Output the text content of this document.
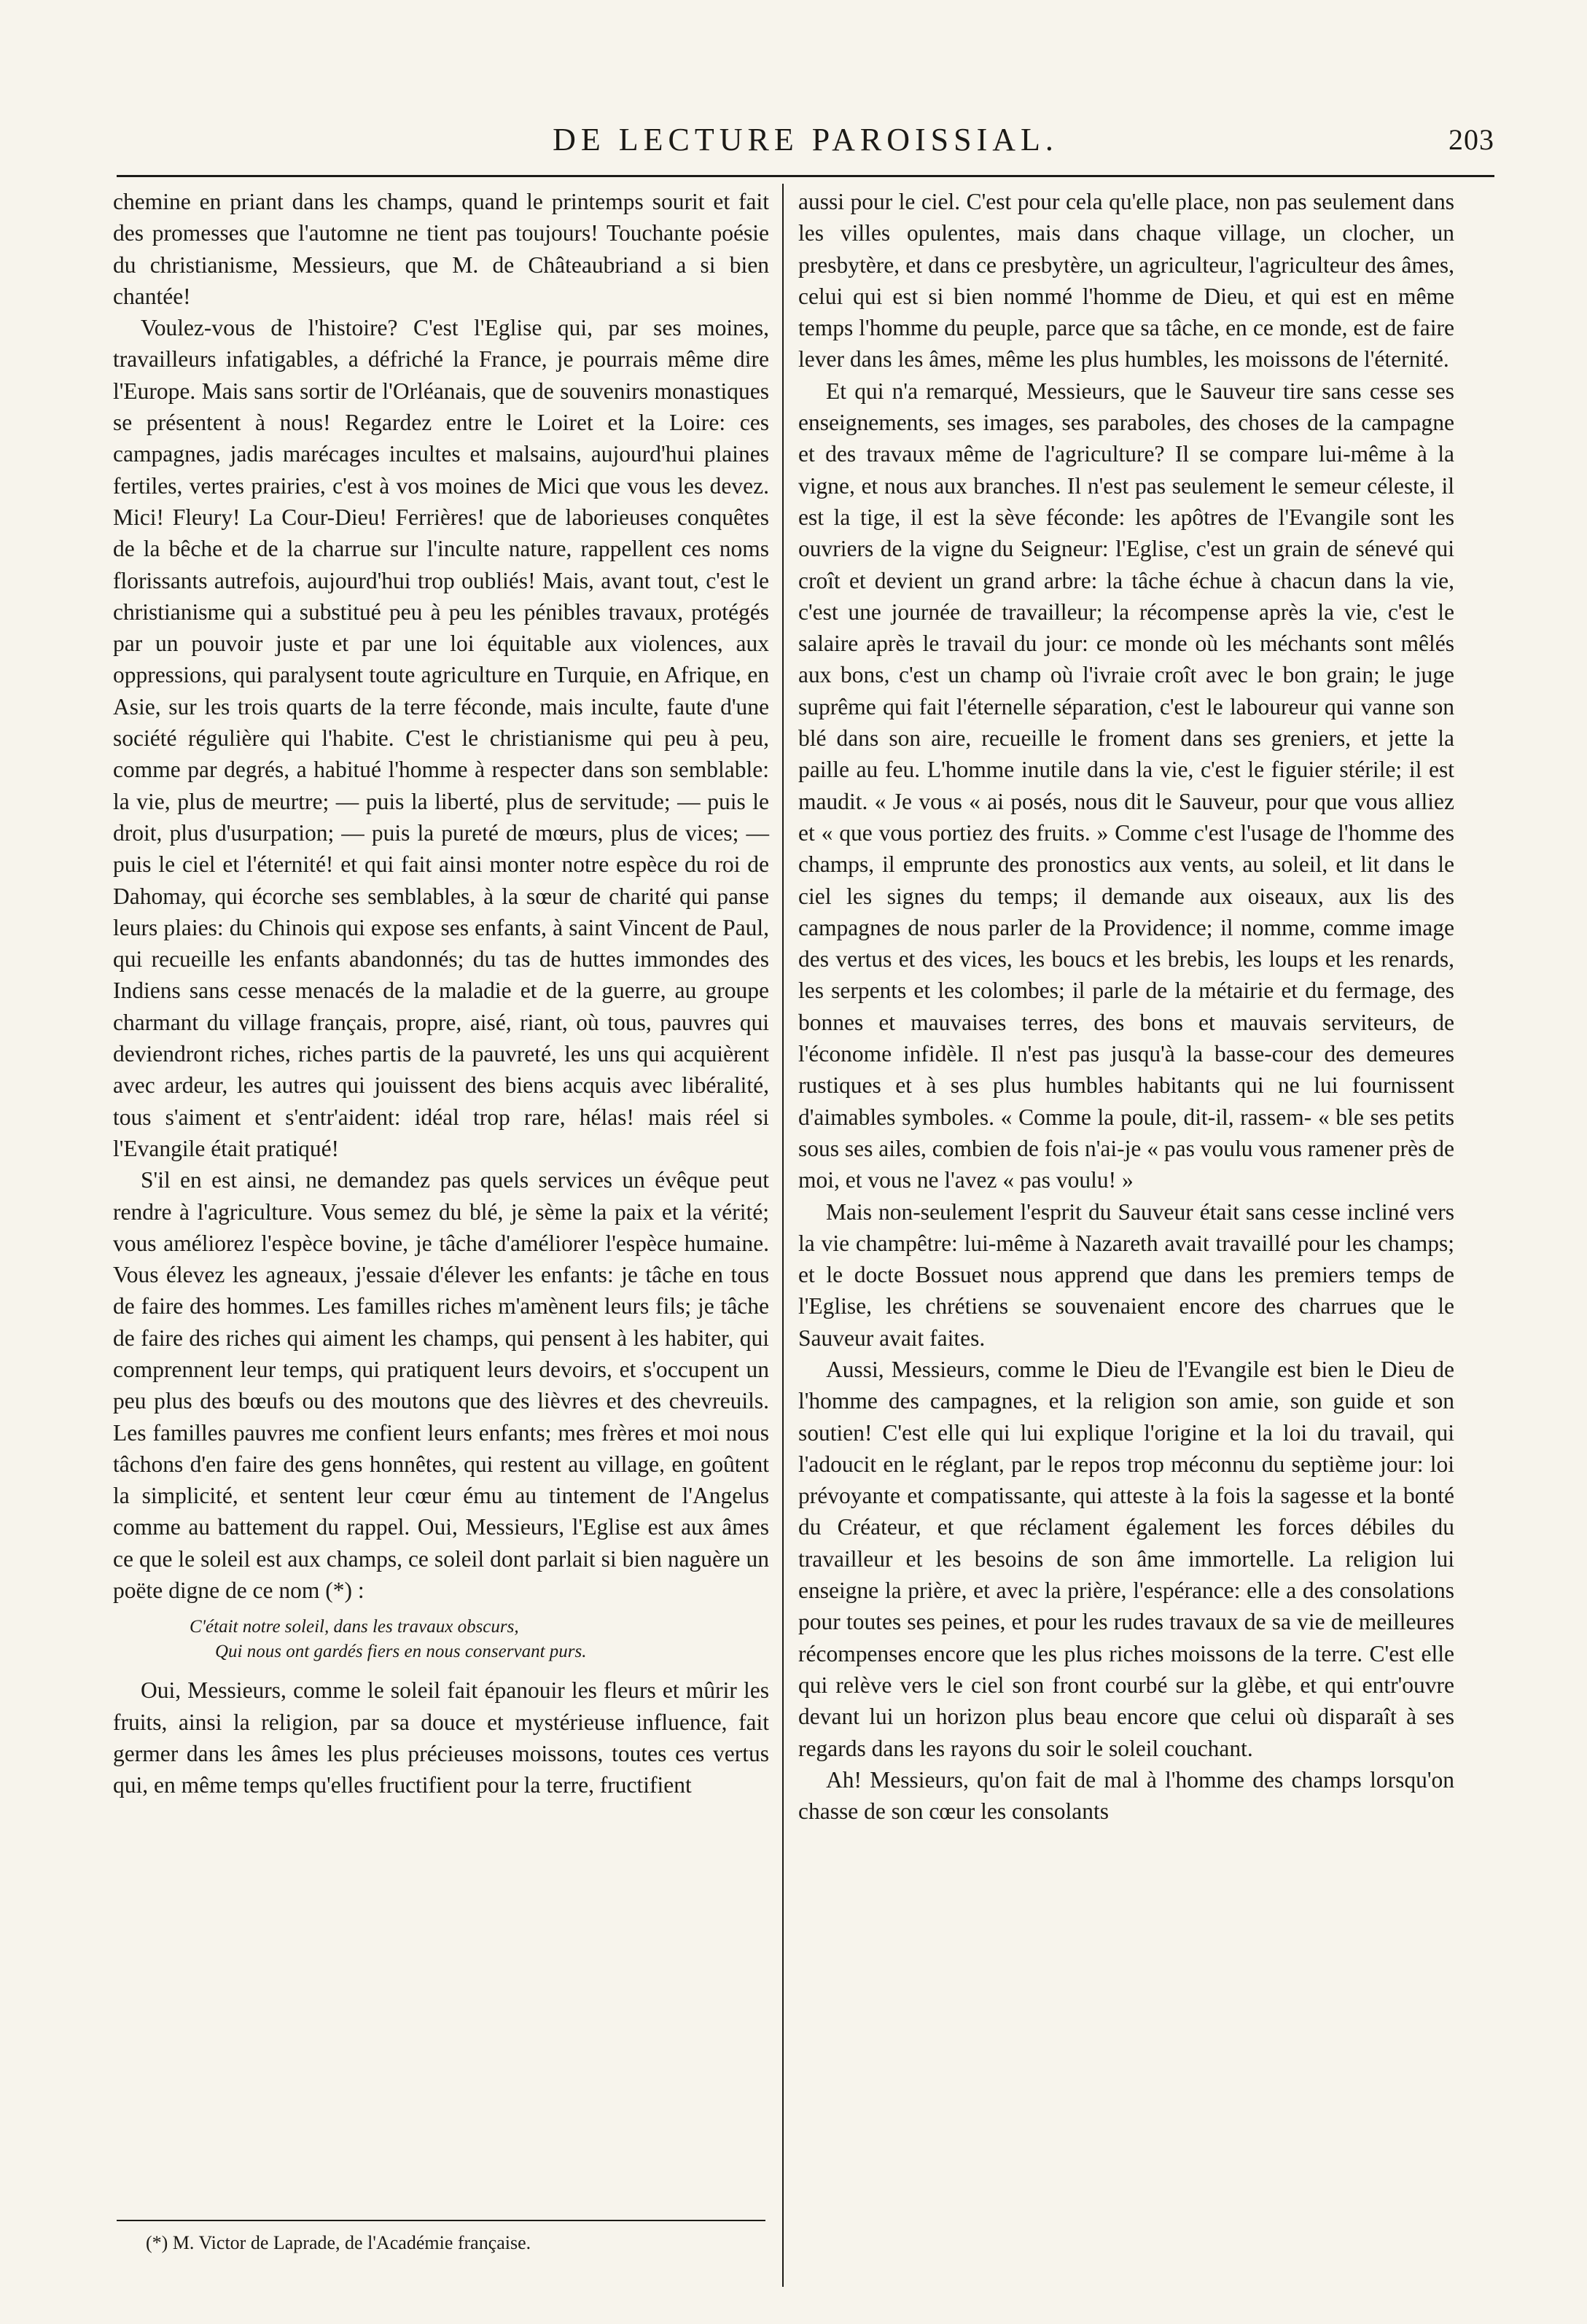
DE LECTURE PAROISSIAL.	203

chemine en priant dans les champs, quand le printemps sourit et fait des promesses que l'automne ne tient pas toujours! Touchante poésie du christianisme, Messieurs, que M. de Châteaubriand a si bien chantée!

Voulez-vous de l'histoire? C'est l'Eglise qui, par ses moines, travailleurs infatigables, a défriché la France, je pourrais même dire l'Europe. Mais sans sortir de l'Orléanais, que de souvenirs monastiques se présentent à nous! Regardez entre le Loiret et la Loire: ces campagnes, jadis marécages incultes et malsains, aujourd'hui plaines fertiles, vertes prairies, c'est à vos moines de Mici que vous les devez. Mici! Fleury! La Cour-Dieu! Ferrières! que de laborieuses conquêtes de la bêche et de la charrue sur l'inculte nature, rappellent ces noms florissants autrefois, aujourd'hui trop oubliés! Mais, avant tout, c'est le christianisme qui a substitué peu à peu les pénibles travaux, protégés par un pouvoir juste et par une loi équitable aux violences, aux oppressions, qui paralysent toute agriculture en Turquie, en Afrique, en Asie, sur les trois quarts de la terre féconde, mais inculte, faute d'une société régulière qui l'habite. C'est le christianisme qui peu à peu, comme par degrés, a habitué l'homme à respecter dans son semblable: la vie, plus de meurtre; — puis la liberté, plus de servitude; — puis le droit, plus d'usurpation; — puis la pureté de mœurs, plus de vices; — puis le ciel et l'éternité! et qui fait ainsi monter notre espèce du roi de Dahomay, qui écorche ses semblables, à la sœur de charité qui panse leurs plaies: du Chinois qui expose ses enfants, à saint Vincent de Paul, qui recueille les enfants abandonnés; du tas de huttes immondes des Indiens sans cesse menacés de la maladie et de la guerre, au groupe charmant du village français, propre, aisé, riant, où tous, pauvres qui deviendront riches, riches partis de la pauvreté, les uns qui acquièrent avec ardeur, les autres qui jouissent des biens acquis avec libéralité, tous s'aiment et s'entr'aident: idéal trop rare, hélas! mais réel si l'Evangile était pratiqué!

S'il en est ainsi, ne demandez pas quels services un évêque peut rendre à l'agriculture. Vous semez du blé, je sème la paix et la vérité; vous améliorez l'espèce bovine, je tâche d'améliorer l'espèce humaine. Vous élevez les agneaux, j'essaie d'élever les enfants: je tâche en tous de faire des hommes. Les familles riches m'amènent leurs fils; je tâche de faire des riches qui aiment les champs, qui pensent à les habiter, qui comprennent leur temps, qui pratiquent leurs devoirs, et s'occupent un peu plus des bœufs ou des moutons que des lièvres et des chevreuils. Les familles pauvres me confient leurs enfants; mes frères et moi nous tâchons d'en faire des gens honnêtes, qui restent au village, en goûtent la simplicité, et sentent leur cœur ému au tintement de l'Angelus comme au battement du rappel. Oui, Messieurs, l'Eglise est aux âmes ce que le soleil est aux champs, ce soleil dont parlait si bien naguère un poëte digne de ce nom (*) :

C'était notre soleil, dans les travaux obscurs,
Qui nous ont gardés fiers en nous conservant purs.

Oui, Messieurs, comme le soleil fait épanouir les fleurs et mûrir les fruits, ainsi la religion, par sa douce et mystérieuse influence, fait germer dans les âmes les plus précieuses moissons, toutes ces vertus qui, en même temps qu'elles fructifient pour la terre, fructifient

aussi pour le ciel. C'est pour cela qu'elle place, non pas seulement dans les villes opulentes, mais dans chaque village, un clocher, un presbytère, et dans ce presbytère, un agriculteur, l'agriculteur des âmes, celui qui est si bien nommé l'homme de Dieu, et qui est en même temps l'homme du peuple, parce que sa tâche, en ce monde, est de faire lever dans les âmes, même les plus humbles, les moissons de l'éternité.

Et qui n'a remarqué, Messieurs, que le Sauveur tire sans cesse ses enseignements, ses images, ses paraboles, des choses de la campagne et des travaux même de l'agriculture? Il se compare lui-même à la vigne, et nous aux branches. Il n'est pas seulement le semeur céleste, il est la tige, il est la sève féconde: les apôtres de l'Evangile sont les ouvriers de la vigne du Seigneur: l'Eglise, c'est un grain de sénevé qui croît et devient un grand arbre: la tâche échue à chacun dans la vie, c'est une journée de travailleur; la récompense après la vie, c'est le salaire après le travail du jour: ce monde où les méchants sont mêlés aux bons, c'est un champ où l'ivraie croît avec le bon grain; le juge suprême qui fait l'éternelle séparation, c'est le laboureur qui vanne son blé dans son aire, recueille le froment dans ses greniers, et jette la paille au feu. L'homme inutile dans la vie, c'est le figuier stérile; il est maudit. « Je vous « ai posés, nous dit le Sauveur, pour que vous alliez et « que vous portiez des fruits. » Comme c'est l'usage de l'homme des champs, il emprunte des pronostics aux vents, au soleil, et lit dans le ciel les signes du temps; il demande aux oiseaux, aux lis des campagnes de nous parler de la Providence; il nomme, comme image des vertus et des vices, les boucs et les brebis, les loups et les renards, les serpents et les colombes; il parle de la métairie et du fermage, des bonnes et mauvaises terres, des bons et mauvais serviteurs, de l'économe infidèle. Il n'est pas jusqu'à la basse-cour des demeures rustiques et à ses plus humbles habitants qui ne lui fournissent d'aimables symboles. « Comme la poule, dit-il, rassem- « ble ses petits sous ses ailes, combien de fois n'ai-je « pas voulu vous ramener près de moi, et vous ne l'avez « pas voulu! »

Mais non-seulement l'esprit du Sauveur était sans cesse incliné vers la vie champêtre: lui-même à Nazareth avait travaillé pour les champs; et le docte Bossuet nous apprend que dans les premiers temps de l'Eglise, les chrétiens se souvenaient encore des charrues que le Sauveur avait faites.

Aussi, Messieurs, comme le Dieu de l'Evangile est bien le Dieu de l'homme des campagnes, et la religion son amie, son guide et son soutien! C'est elle qui lui explique l'origine et la loi du travail, qui l'adoucit en le réglant, par le repos trop méconnu du septième jour: loi prévoyante et compatissante, qui atteste à la fois la sagesse et la bonté du Créateur, et que réclament également les forces débiles du travailleur et les besoins de son âme immortelle. La religion lui enseigne la prière, et avec la prière, l'espérance: elle a des consolations pour toutes ses peines, et pour les rudes travaux de sa vie de meilleures récompenses encore que les plus riches moissons de la terre. C'est elle qui relève vers le ciel son front courbé sur la glèbe, et qui entr'ouvre devant lui un horizon plus beau encore que celui où disparaît à ses regards dans les rayons du soir le soleil couchant.

Ah! Messieurs, qu'on fait de mal à l'homme des champs lorsqu'on chasse de son cœur les consolants

(*) M. Victor de Laprade, de l'Académie française.
